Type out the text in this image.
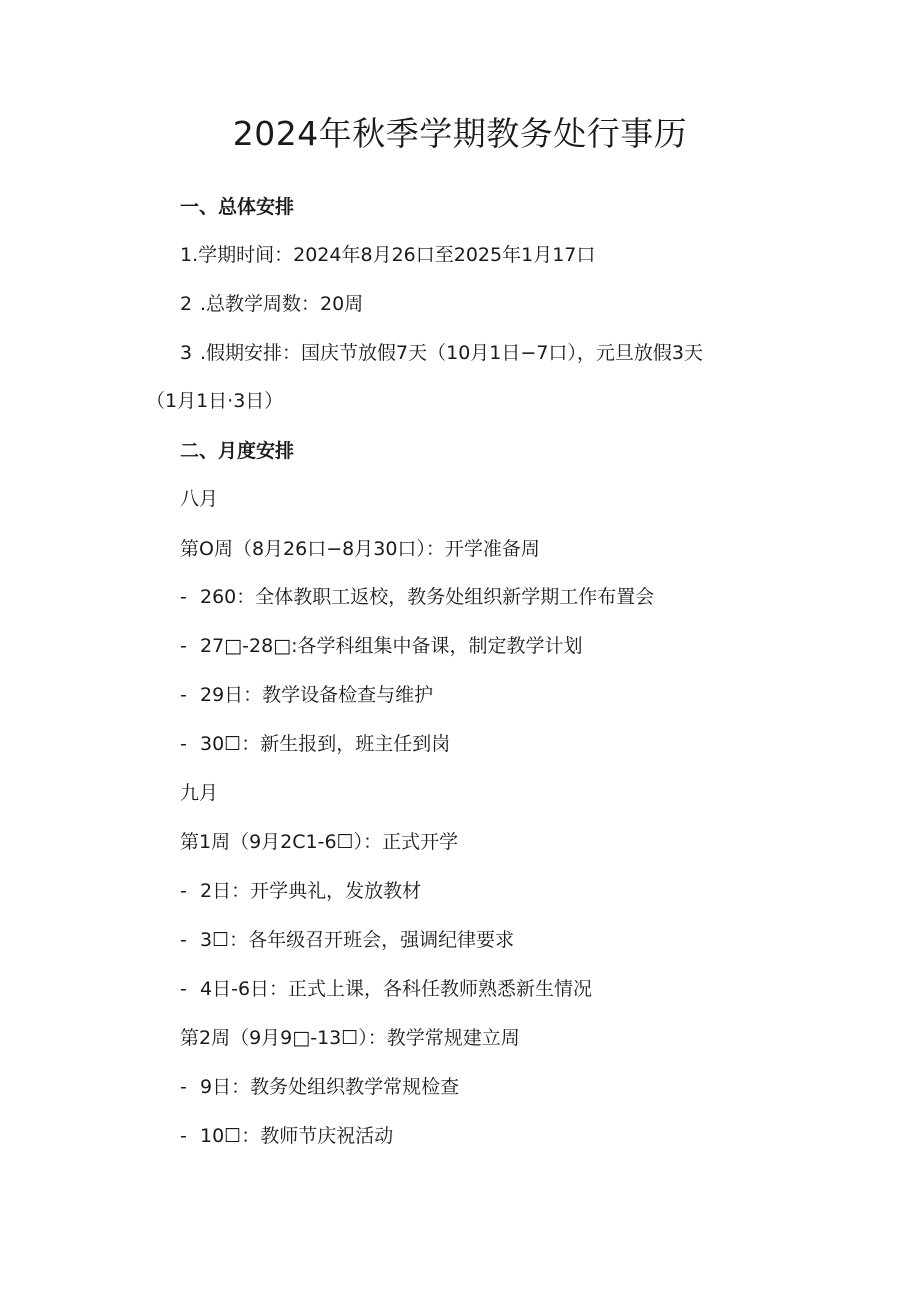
2024年秋季学期教务处行事历

一、总体安排

1.学期时间：2024年8月26口至2025年1月17口

2 .总教学周数：20周

3 .假期安排：国庆节放假7天（10月1日−7口），元旦放假3天

（1月1日·3日）

二、月度安排

八月

第O周（8月26口−8月30口）：开学准备周

- 260：全体教职工返校，教务处组织新学期工作布置会

- 27□-28□:各学科组集中备课，制定教学计划

- 29日：教学设备检查与维护

- 30☐：新生报到，班主任到岗

九月

第1周（9月2C1-6☐）：正式开学

- 2日：开学典礼，发放教材

- 3☐：各年级召开班会，强调纪律要求

- 4日-6日：正式上课，各科任教师熟悉新生情况

第2周（9月9□-13☐）：教学常规建立周

- 9日：教务处组织教学常规检查

- 10☐：教师节庆祝活动
